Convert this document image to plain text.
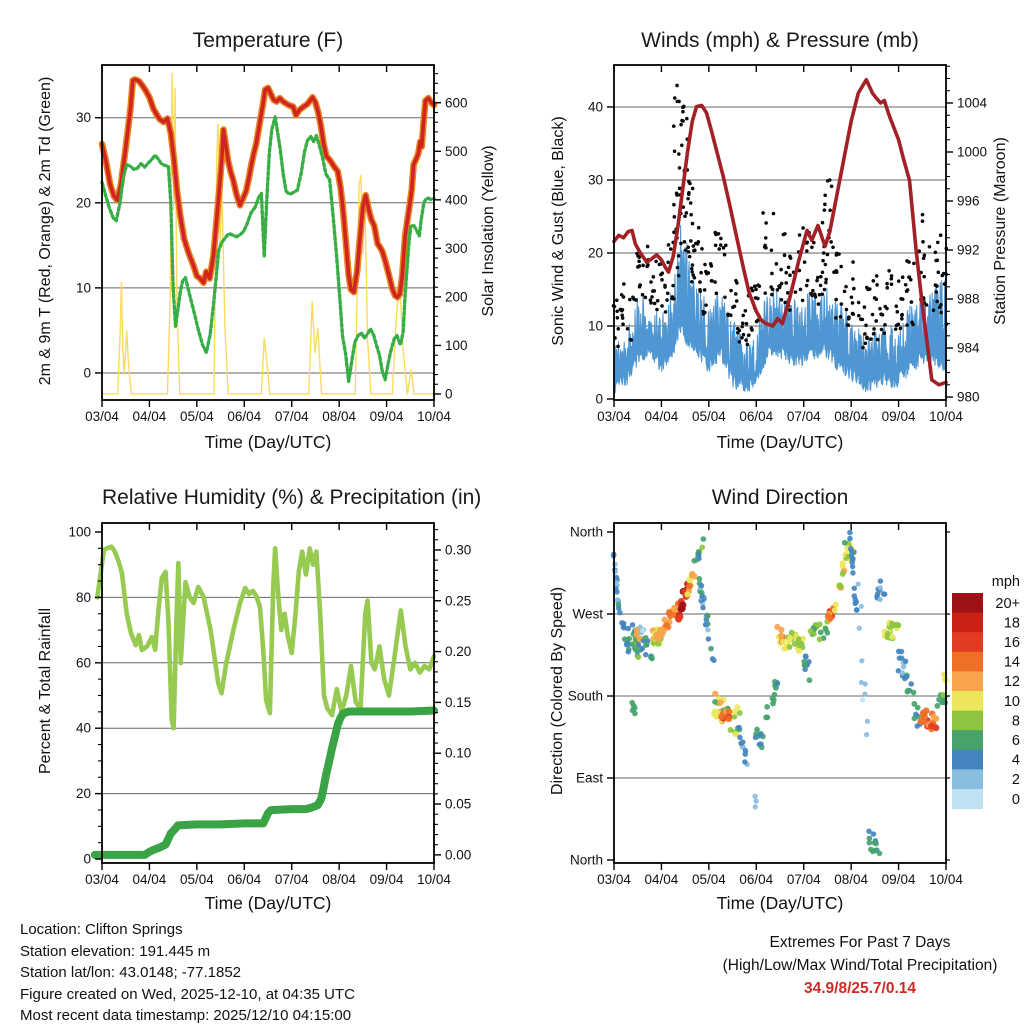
03/04 04/04 05/04 06/04 07/04 08/04 09/04 10/04
0
10
20
30
0
100
200
300
400
500
600
03/04 04/04 05/04 06/04 07/04 08/04 09/04 10/04
0
10
20
30
40
980
984
988
992
996
1000
1004
03/04 04/04 05/04 06/04 07/04 08/04 09/04 10/04
0
20
40
60
80
100
0.00
0.05
0.10
0.15
0.20
0.25
0.30
03/04 04/04 05/04 06/04 07/04 08/04 09/04 10/04
North
West
South
East
North
mph
20+
18
16
14
12
10
8
6
4
2
0
Temperature (F)	Winds (mph) & Pressure (mb)
Relative Humidity (%) & Precipitation (in)	Wind Direction
Time (Day/UTC)	Time (Day/UTC)
Time (Day/UTC)	Time (Day/UTC)
2m & 9m T (Red, Orange) & 2m Td (Green)	Solar Insolation (Yellow)	Sonic Wind & Gust (Blue, Black)	Station Pressure (Maroon)
Percent & Total Rainfall	Direction (Colored By Speed)
Location: Clifton Springs
Station elevation: 191.445 m
Station lat/lon: 43.0148; -77.1852
Figure created on Wed, 2025-12-10, at 04:35 UTC
Most recent data timestamp: 2025/12/10 04:15:00
Extremes For Past 7 Days
(High/Low/Max Wind/Total Precipitation)
34.9/8/25.7/0.14
